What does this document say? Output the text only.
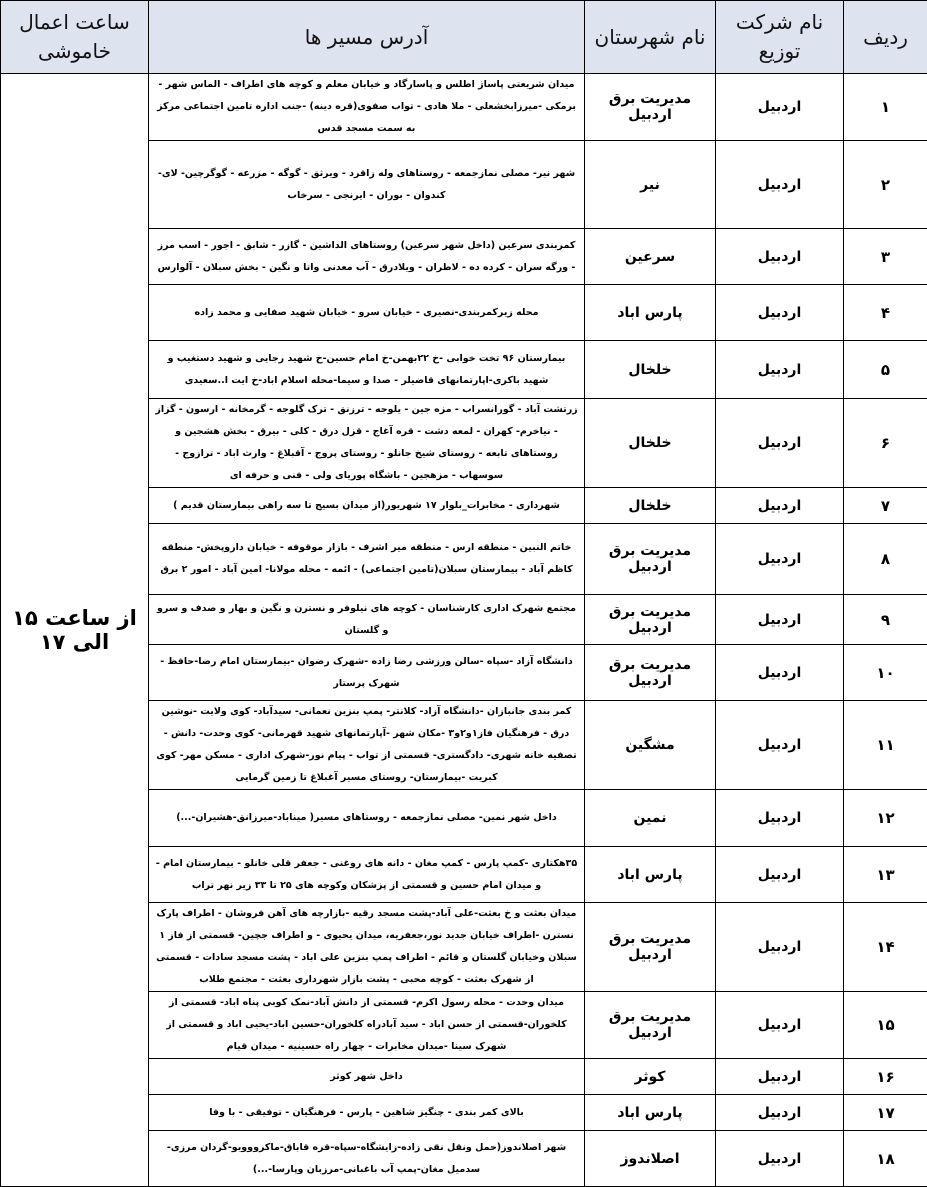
ردیف	نام شرکت توزیع	نام شهرستان	آدرس مسیر ها	ساعت اعمال
خاموشی

۱	اردبیل	مدیریت برق اردبیل	میدان شریعتی پاساژ اطلس و پاسارگاد و خیابان معلم و کوچه های اطراف - الماس شهر - برمکی -میرزابخشعلی - ملا هادی - تواب صفوی(قره دینه) -جنب اداره تامین اجتماعی مرکز به سمت مسجد قدس	از ساعت ۱۵ الی ۱۷
۲	اردبیل	نیر	شهر نیر- مصلی نمازجمعه - روستاهای وله زاقرد - ویرثق - گوگه - مزرعه - گوگرچین- لای- کندوان - بوران - ایرنجی - سرخاب	
۳	اردبیل	سرعین	کمربندی سرعین (داخل شهر سرعین) روستاهای الداشین - گازر - شابق - اجور - اسب مرز - ورگه سران - کرده ده - لاطران - ویلادرق - آب معدنی واتا و نگین - بخش سبلان - آلوارس	
۴	اردبیل	پارس اباد	محله زیرکمربندی-نصیری - خیابان سرو - خیابان شهید صفایی و محمد زاده	
۵	اردبیل	خلخال	بیمارستان ۹۶ تخت خوابی -خ ۲۲بهمن-خ امام حسین-خ شهید رجایی و شهید دستغیب و شهید باکری-اپارتمانهای قاضیلر - صدا و سیما-محله اسلام اباد-خ ایت ا..سعیدی	
۶	اردبیل	خلخال	زرتشت آباد - گورانسراب - مزه جین - یلوجه - ترزنق - ترک گلوجه - گرمخانه - ارسون - گزاز - نیاخرم- کهران - لمعه دشت - قره آغاج - قزل درق - کلی - بیرق - بخش هشجین و روستاهای تابعه - روستای شیخ جانلو - روستای پروج - آقبلاغ - وارث اباد - ترازوج - سوسهاب - مزهجین - باشگاه پوریای ولی - فنی و حرفه ای	
۷	اردبیل	خلخال	شهرداری - مخابرات_بلوار ۱۷ شهریور(از میدان بسیج تا سه راهی بیمارستان قدیم )	
۸	اردبیل	مدیریت برق اردبیل	خاتم النبین - منطقه ارس - منطقه میر اشرف - بازار موقوفه - خیابان داروپخش- منطقه کاظم آباد - بیمارستان سبلان(تامین اجتماعی) - ائمه - محله مولانا- امین آباد - امور ۲ برق	
۹	اردبیل	مدیریت برق اردبیل	مجتمع شهرک اداری کارشناسان - کوچه های نیلوفر و نسترن و نگین و بهار و صدف و سرو و گلستان	
۱۰	اردبیل	مدیریت برق اردبیل	دانشگاه آزاد -سپاه -سالن ورزشی رضا زاده -شهرک رضوان -بیمارستان امام رضا-حافظ - شهرک پرستار	
۱۱	اردبیل	مشگین	کمر بندی جانبازان -دانشگاه آزاد- کلانتر- پمپ بنزین نعمانی- سیدآباد- کوی ولایت -نوشین درق - فرهنگیان فاز۱و۲و۳ -مکان شهر -آپارتمانهای شهید قهرمانی- کوی وحدت- دانش - تصفیه خانه شهری- دادگستری- قسمتی از تواب - پیام نور-شهرک اداری - مسکن مهر- کوی کبریت -بیمارستان- روستای مسیر آغبلاغ تا زمین گرمایی	
۱۲	اردبیل	نمین	داخل شهر نمین- مصلی نمازجمعه - روستاهای مسیر( میناباد-میرزانق-هشیران-...)	
۱۳	اردبیل	پارس اباد	۳۵هکتاری -کمپ پارس - کمپ مغان - دانه های روغنی - جعفر قلی خانلو - بیمارستان امام - و میدان امام حسین و قسمتی از پزشکان وکوچه های ۲۵ تا ۳۳ زیر نهر تراب	
۱۴	اردبیل	مدیریت برق اردبیل	میدان بعثت و خ بعثت-علی آباد-پشت مسجد رقیه -بازارچه های آهن فروشان - اطراف پارک نسترن -اطراف خیابان جدید نور،جعفریه، میدان یحیوی - و اطراف جچین- قسمتی از فاز ۱ سبلان وخیابان گلستان و قائم - اطراف پمپ بنزین علی اباد - پشت مسجد سادات - قسمتی از شهرک بعثت - کوچه محبی - پشت بازار شهرداری بعثت - مجتمع طلاب	
۱۵	اردبیل	مدیریت برق اردبیل	میدان وحدت - محله رسول اکرم- قسمتی از دانش آباد-نمک کوبی پناه اباد- قسمتی از کلخوران-قسمتی از حسن اباد - سید آبادراه کلخوران-حسین اباد-یحیی اباد و قسمتی از شهرک سینا -میدان مخابرات - چهار راه حسینیه - میدان قیام	
۱۶	اردبیل	کوثر	داخل شهر کوثر	
۱۷	اردبیل	پارس اباد	بالای کمر بندی - چنگیز شاهین - پارس - فرهنگیان - توفیقی - با وفا	
۱۸	اردبیل	اصلاندوز	شهر اصلاندوز(حمل ونقل نقی زاده-زایشگاه-سپاه-قره قاباق-ماکرووویو-گردان مرزی-سدمیل مغان-پمپ آب باغبانی-مرزبان وپارسا-...)	
